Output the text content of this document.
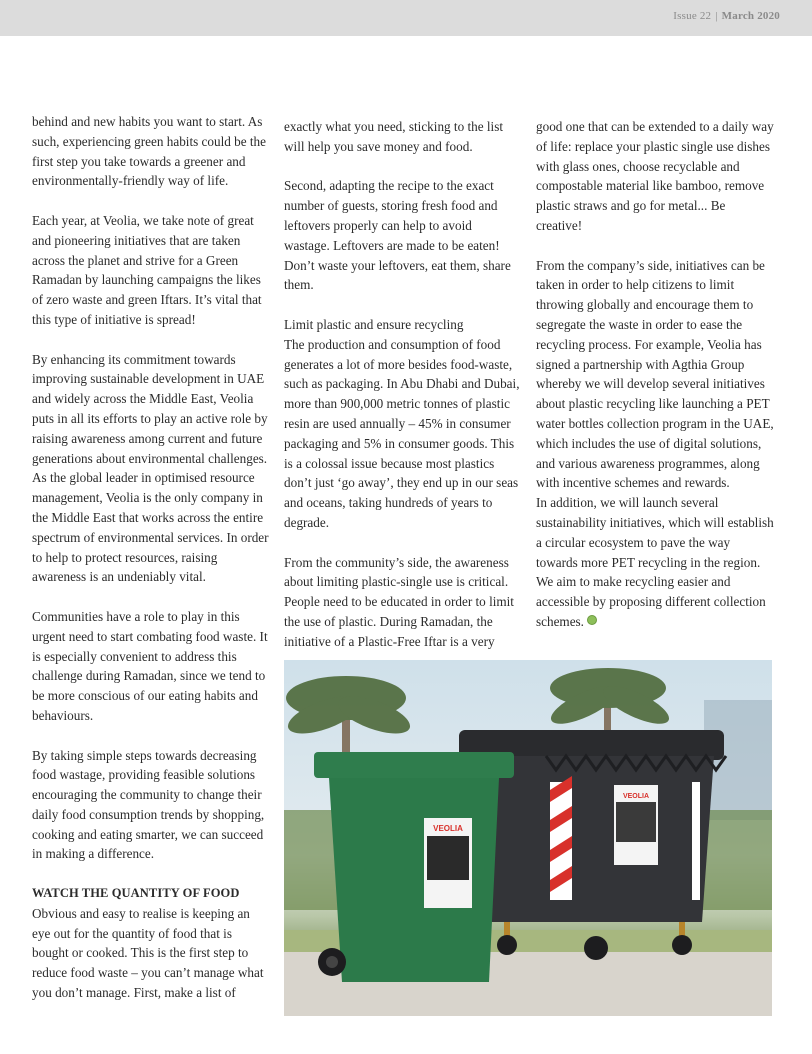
Issue 22 | March 2020

behind and new habits you want to start. As such, experiencing green habits could be the first step you take towards a greener and environmentally-friendly way of life.

Each year, at Veolia, we take note of great and pioneering initiatives that are taken across the planet and strive for a Green Ramadan by launching campaigns the likes of zero waste and green Iftars. It’s vital that this type of initiative is spread!

By enhancing its commitment towards improving sustainable development in UAE and widely across the Middle East, Veolia puts in all its efforts to play an active role by raising awareness among current and future generations about environmental challenges. As the global leader in optimised resource management, Veolia is the only company in the Middle East that works across the entire spectrum of environmental services. In order to help to protect resources, raising awareness is an undeniably vital.

Communities have a role to play in this urgent need to start combating food waste. It is especially convenient to address this challenge during Ramadan, since we tend to be more conscious of our eating habits and behaviours.

By taking simple steps towards decreasing food wastage, providing feasible solutions encouraging the community to change their daily food consumption trends by shopping, cooking and eating smarter, we can succeed in making a difference.

WATCH THE QUANTITY OF FOOD

Obvious and easy to realise is keeping an eye out for the quantity of food that is bought or cooked. This is the first step to reduce food waste – you can’t manage what you don’t manage. First, make a list of

exactly what you need, sticking to the list will help you save money and food.

Second, adapting the recipe to the exact number of guests, storing fresh food and leftovers properly can help to avoid wastage. Leftovers are made to be eaten! Don’t waste your leftovers, eat them, share them.

Limit plastic and ensure recycling

The production and consumption of food generates a lot of more besides food-waste, such as packaging. In Abu Dhabi and Dubai, more than 900,000 metric tonnes of plastic resin are used annually – 45% in consumer packaging and 5% in consumer goods. This is a colossal issue because most plastics don’t just ‘go away’, they end up in our seas and oceans, taking hundreds of years to degrade.

From the community’s side, the awareness about limiting plastic-single use is critical. People need to be educated in order to limit the use of plastic. During Ramadan, the initiative of a Plastic-Free Iftar is a very

good one that can be extended to a daily way of life: replace your plastic single use dishes with glass ones, choose recyclable and compostable material like bamboo, remove plastic straws and go for metal... Be creative!

From the company’s side, initiatives can be taken in order to help citizens to limit throwing globally and encourage them to segregate the waste in order to ease the recycling process. For example, Veolia has signed a partnership with Agthia Group whereby we will develop several initiatives about plastic recycling like launching a PET water bottles collection program in the UAE, which includes the use of digital solutions, and various awareness programmes, along with incentive schemes and rewards.

In addition, we will launch several sustainability initiatives, which will establish a circular ecosystem to pave the way towards more PET recycling in the region. We aim to make recycling easier and accessible by proposing different collection schemes.

VEOLIA
VEOLIA
